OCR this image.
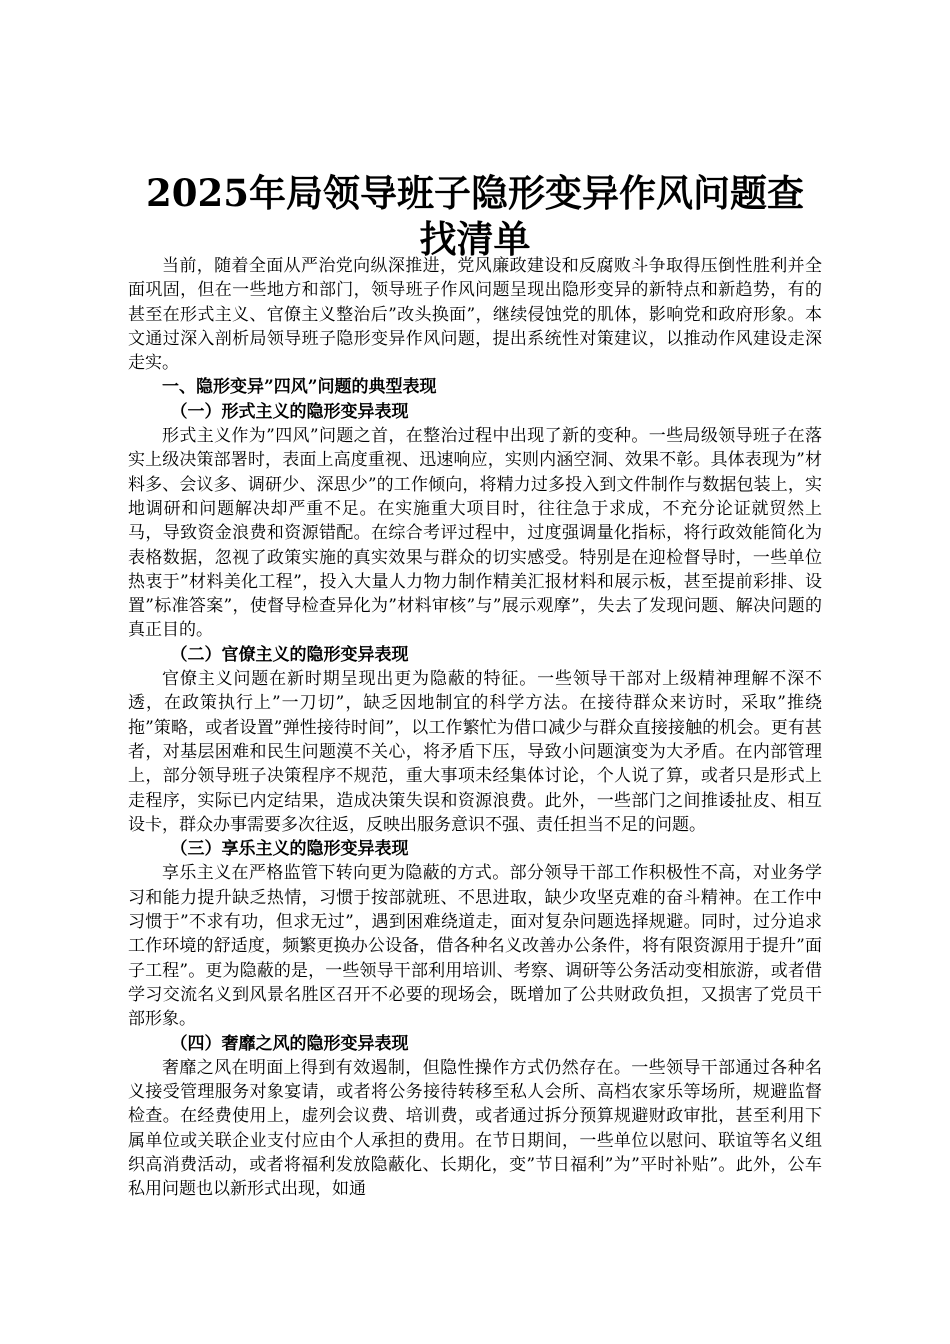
2025年局领导班子隐形变异作风问题查找清单

当前，随着全面从严治党向纵深推进，党风廉政建设和反腐败斗争取得压倒性胜利并全面巩固，但在一些地方和部门，领导班子作风问题呈现出隐形变异的新特点和新趋势，有的甚至在形式主义、官僚主义整治后”改头换面”，继续侵蚀党的肌体，影响党和政府形象。本文通过深入剖析局领导班子隐形变异作风问题，提出系统性对策建议，以推动作风建设走深走实。

一、隐形变异”四风”问题的典型表现
（一）形式主义的隐形变异表现

形式主义作为”四风”问题之首，在整治过程中出现了新的变种。一些局级领导班子在落实上级决策部署时，表面上高度重视、迅速响应，实则内涵空洞、效果不彰。具体表现为”材料多、会议多、调研少、深思少”的工作倾向，将精力过多投入到文件制作与数据包装上，实地调研和问题解决却严重不足。在实施重大项目时，往往急于求成，不充分论证就贸然上马，导致资金浪费和资源错配。在综合考评过程中，过度强调量化指标，将行政效能简化为表格数据，忽视了政策实施的真实效果与群众的切实感受。特别是在迎检督导时，一些单位热衷于”材料美化工程”，投入大量人力物力制作精美汇报材料和展示板，甚至提前彩排、设置”标准答案”，使督导检查异化为”材料审核”与”展示观摩”，失去了发现问题、解决问题的真正目的。

（二）官僚主义的隐形变异表现

官僚主义问题在新时期呈现出更为隐蔽的特征。一些领导干部对上级精神理解不深不透，在政策执行上”一刀切”，缺乏因地制宜的科学方法。在接待群众来访时，采取”推绕拖”策略，或者设置”弹性接待时间”，以工作繁忙为借口减少与群众直接接触的机会。更有甚者，对基层困难和民生问题漠不关心，将矛盾下压，导致小问题演变为大矛盾。在内部管理上，部分领导班子决策程序不规范，重大事项未经集体讨论，个人说了算，或者只是形式上走程序，实际已内定结果，造成决策失误和资源浪费。此外，一些部门之间推诿扯皮、相互设卡，群众办事需要多次往返，反映出服务意识不强、责任担当不足的问题。

（三）享乐主义的隐形变异表现

享乐主义在严格监管下转向更为隐蔽的方式。部分领导干部工作积极性不高，对业务学习和能力提升缺乏热情，习惯于按部就班、不思进取，缺少攻坚克难的奋斗精神。在工作中习惯于”不求有功，但求无过”，遇到困难绕道走，面对复杂问题选择规避。同时，过分追求工作环境的舒适度，频繁更换办公设备，借各种名义改善办公条件，将有限资源用于提升”面子工程”。更为隐蔽的是，一些领导干部利用培训、考察、调研等公务活动变相旅游，或者借学习交流名义到风景名胜区召开不必要的现场会，既增加了公共财政负担，又损害了党员干部形象。

（四）奢靡之风的隐形变异表现

奢靡之风在明面上得到有效遏制，但隐性操作方式仍然存在。一些领导干部通过各种名义接受管理服务对象宴请，或者将公务接待转移至私人会所、高档农家乐等场所，规避监督检查。在经费使用上，虚列会议费、培训费，或者通过拆分预算规避财政审批，甚至利用下属单位或关联企业支付应由个人承担的费用。在节日期间，一些单位以慰问、联谊等名义组织高消费活动，或者将福利发放隐蔽化、长期化，变”节日福利”为”平时补贴”。此外，公车私用问题也以新形式出现，如通
